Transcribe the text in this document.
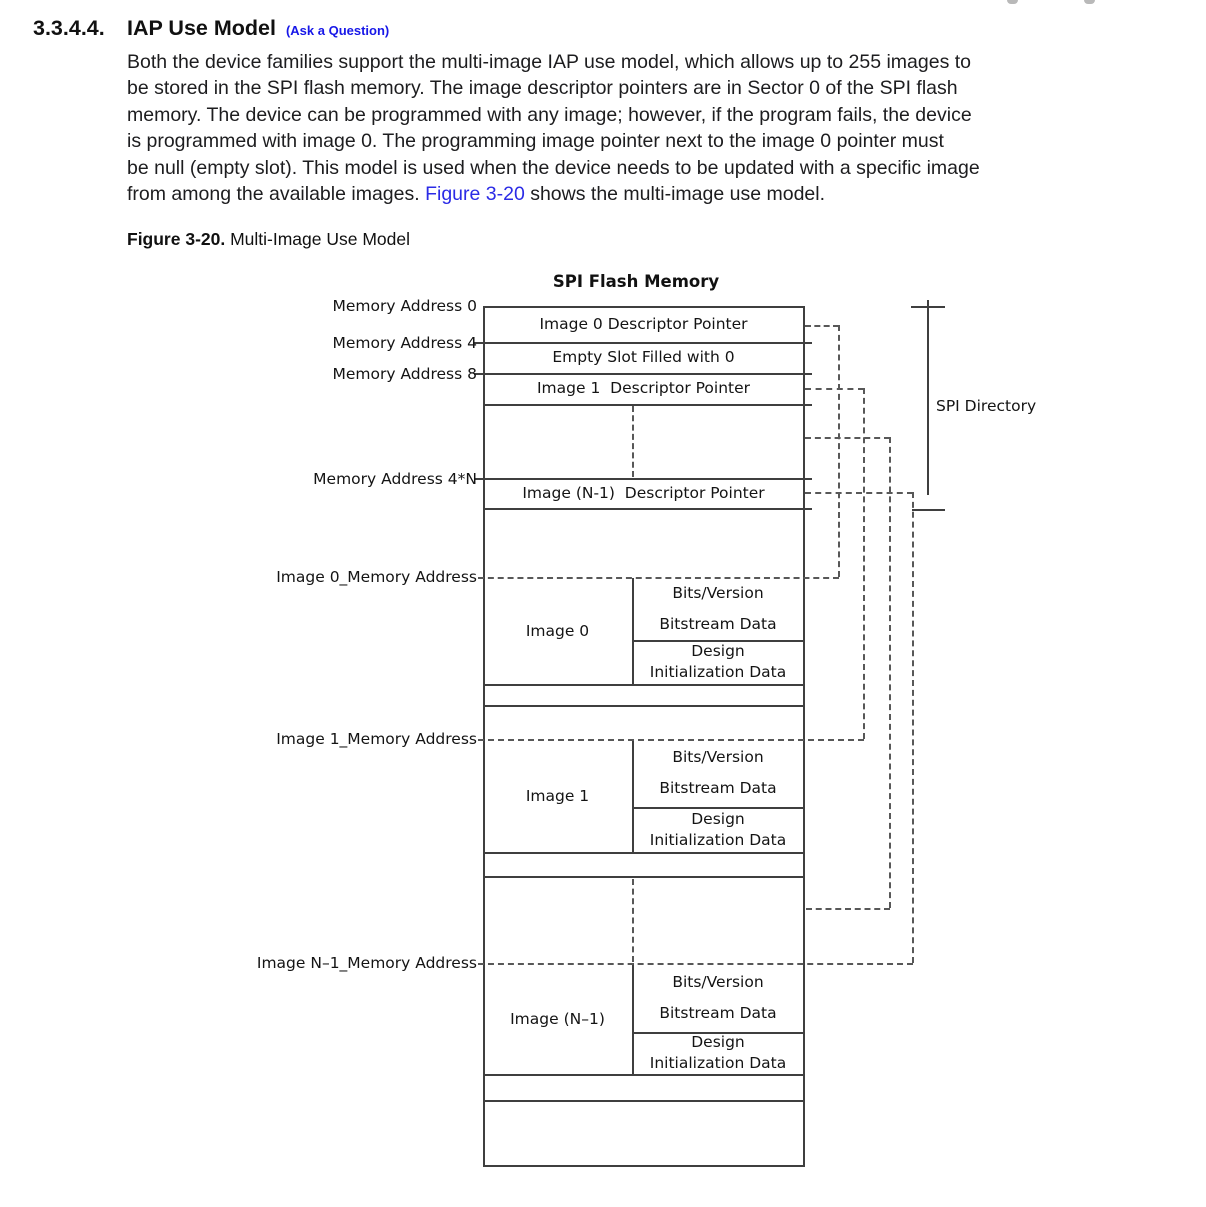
3.3.4.4.	IAP Use Model (Ask a Question)
Both the device families support the multi-image IAP use model, which allows up to 255 images to
be stored in the SPI flash memory. The image descriptor pointers are in Sector 0 of the SPI flash
memory. The device can be programmed with any image; however, if the program fails, the device
is programmed with image 0. The programming image pointer next to the image 0 pointer must
be null (empty slot). This model is used when the device needs to be updated with a specific image
from among the available images. Figure 3-20 shows the multi-image use model.
Figure 3-20. Multi-Image Use Model
SPI Flash Memory
SPI Directory
Memory Address 0
Memory Address 4
Memory Address 8
Memory Address 4*N
Image 0_Memory Address
Image 1_Memory Address
Image N–1_Memory Address
Image 0 Descriptor Pointer
Empty Slot Filled with 0
Image 1  Descriptor Pointer
Image (N-1)  Descriptor Pointer
Image 0
Bits/Version
Bitstream Data
Design
Initialization Data
Image 1
Bits/Version
Bitstream Data
Design
Initialization Data
Image (N–1)
Bits/Version
Bitstream Data
Design
Initialization Data
